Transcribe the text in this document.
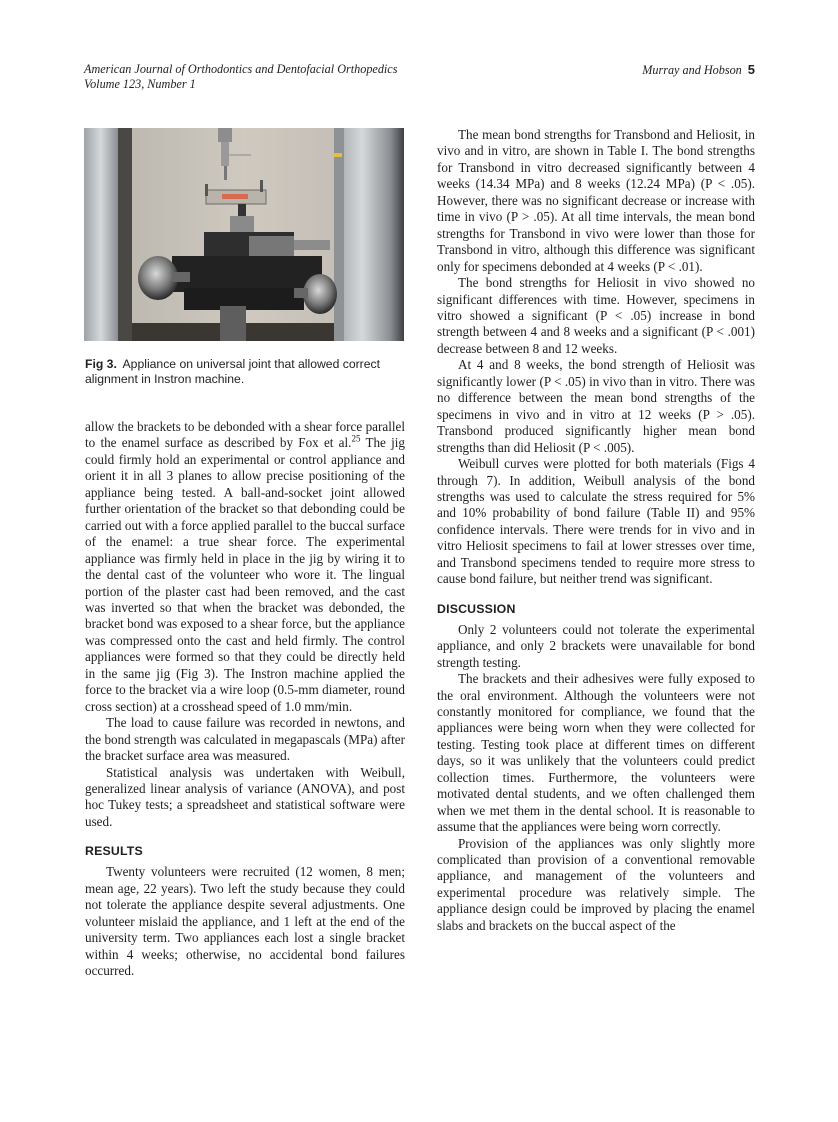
American Journal of Orthodontics and Dentofacial Orthopedics
Volume 123, Number 1
Murray and Hobson 5
Fig 3. Appliance on universal joint that allowed correct alignment in Instron machine.

allow the brackets to be debonded with a shear force parallel to the enamel surface as described by Fox et al.$^{25}$ The jig could firmly hold an experimental or control appliance and orient it in all 3 planes to allow precise positioning of the appliance being tested. A ball-and-socket joint allowed further orientation of the bracket so that debonding could be carried out with a force applied parallel to the buccal surface of the enamel: a true shear force. The experimental appliance was firmly held in place in the jig by wiring it to the dental cast of the volunteer who wore it. The lingual portion of the plaster cast had been removed, and the cast was inverted so that when the bracket was debonded, the bracket bond was exposed to a shear force, but the appliance was compressed onto the cast and held firmly. The control appliances were formed so that they could be directly held in the same jig (Fig 3). The Instron machine applied the force to the bracket via a wire loop (0.5-mm diameter, round cross section) at a crosshead speed of 1.0 mm/min.

The load to cause failure was recorded in newtons, and the bond strength was calculated in megapascals (MPa) after the bracket surface area was measured.

Statistical analysis was undertaken with Weibull, generalized linear analysis of variance (ANOVA), and post hoc Tukey tests; a spreadsheet and statistical software were used.

RESULTS

Twenty volunteers were recruited (12 women, 8 men; mean age, 22 years). Two left the study because they could not tolerate the appliance despite several adjustments. One volunteer mislaid the appliance, and 1 left at the end of the university term. Two appliances each lost a single bracket within 4 weeks; otherwise, no accidental bond failures occurred.

The mean bond strengths for Transbond and Heliosit, in vivo and in vitro, are shown in Table I. The bond strengths for Transbond in vitro decreased significantly between 4 weeks (14.34 MPa) and 8 weeks (12.24 MPa) (P < .05). However, there was no significant decrease or increase with time in vivo (P > .05). At all time intervals, the mean bond strengths for Transbond in vivo were lower than those for Transbond in vitro, although this difference was significant only for specimens debonded at 4 weeks (P < .01).

The bond strengths for Heliosit in vivo showed no significant differences with time. However, specimens in vitro showed a significant (P < .05) increase in bond strength between 4 and 8 weeks and a significant (P < .001) decrease between 8 and 12 weeks.

At 4 and 8 weeks, the bond strength of Heliosit was significantly lower (P < .05) in vivo than in vitro. There was no difference between the mean bond strengths of the specimens in vivo and in vitro at 12 weeks (P > .05). Transbond produced significantly higher mean bond strengths than did Heliosit (P < .005).

Weibull curves were plotted for both materials (Figs 4 through 7). In addition, Weibull analysis of the bond strengths was used to calculate the stress required for 5% and 10% probability of bond failure (Table II) and 95% confidence intervals. There were trends for in vivo and in vitro Heliosit specimens to fail at lower stresses over time, and Transbond specimens tended to require more stress to cause bond failure, but neither trend was significant.

DISCUSSION

Only 2 volunteers could not tolerate the experimental appliance, and only 2 brackets were unavailable for bond strength testing.

The brackets and their adhesives were fully exposed to the oral environment. Although the volunteers were not constantly monitored for compliance, we found that the appliances were being worn when they were collected for testing. Testing took place at different times on different days, so it was unlikely that the volunteers could predict collection times. Furthermore, the volunteers were motivated dental students, and we often challenged them when we met them in the dental school. It is reasonable to assume that the appliances were being worn correctly.

Provision of the appliances was only slightly more complicated than provision of a conventional removable appliance, and management of the volunteers and experimental procedure was relatively simple. The appliance design could be improved by placing the enamel slabs and brackets on the buccal aspect of the
